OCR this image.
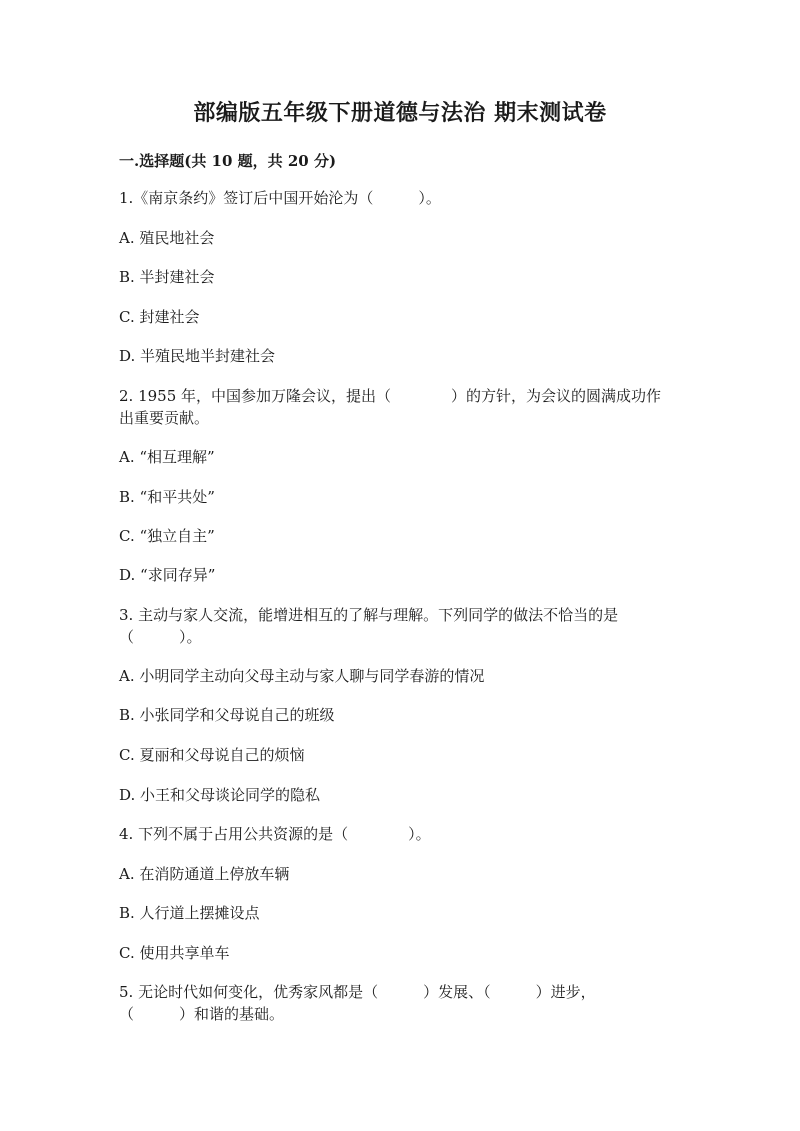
部编版五年级下册道德与法治 期末测试卷
一.选择题(共 10 题，共 20 分)
1.《南京条约》签订后中国开始沦为（　　　）。
A. 殖民地社会
B. 半封建社会
C. 封建社会
D. 半殖民地半封建社会
2. 1955 年，中国参加万隆会议，提出（　　　　）的方针，为会议的圆满成功作
出重要贡献。
A. “相互理解”
B. “和平共处”
C. “独立自主”
D. “求同存异”
3. 主动与家人交流，能增进相互的了解与理解。下列同学的做法不恰当的是
（　　　）。
A. 小明同学主动向父母主动与家人聊与同学春游的情况
B. 小张同学和父母说自己的班级
C. 夏丽和父母说自己的烦恼
D. 小王和父母谈论同学的隐私
4. 下列不属于占用公共资源的是（　　　　）。
A. 在消防通道上停放车辆
B. 人行道上摆摊设点
C. 使用共享单车
5. 无论时代如何变化，优秀家风都是（　　　）发展、（　　　）进步，
（　　　）和谐的基础。
